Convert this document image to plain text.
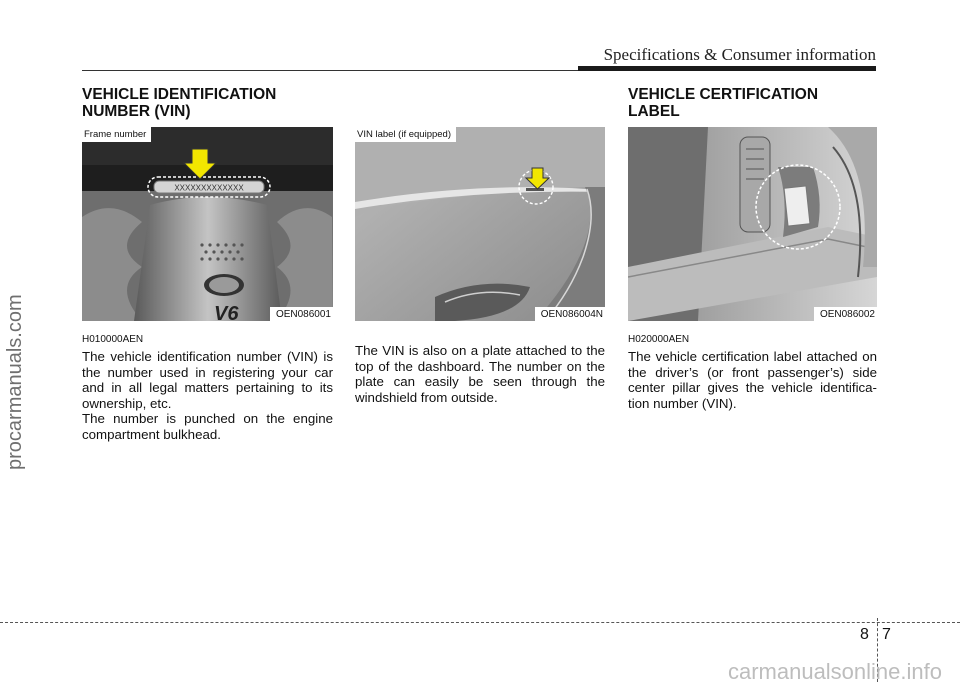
Specifications & Consumer information
procarmanuals.com
VEHICLE IDENTIFICATION
NUMBER (VIN)
V6
XXXXXXXXXXXXX
Frame number
OEN086001
H010000AEN

The vehicle identification number (VIN) is the number used in registering your car and in all legal matters pertaining to its ownership, etc.

The number is punched on the engine compartment bulkhead.

VIN label (if equipped)
OEN086004N

The VIN is also on a plate attached to the top of the dashboard. The number on the plate can easily be seen through the windshield from outside.

VEHICLE CERTIFICATION
LABEL
OEN086002
H020000AEN

The vehicle certification label attached on the driver’s (or front passenger’s) side center pillar gives the vehicle identifica-tion number (VIN).

8 7
carmanualsonline.info
